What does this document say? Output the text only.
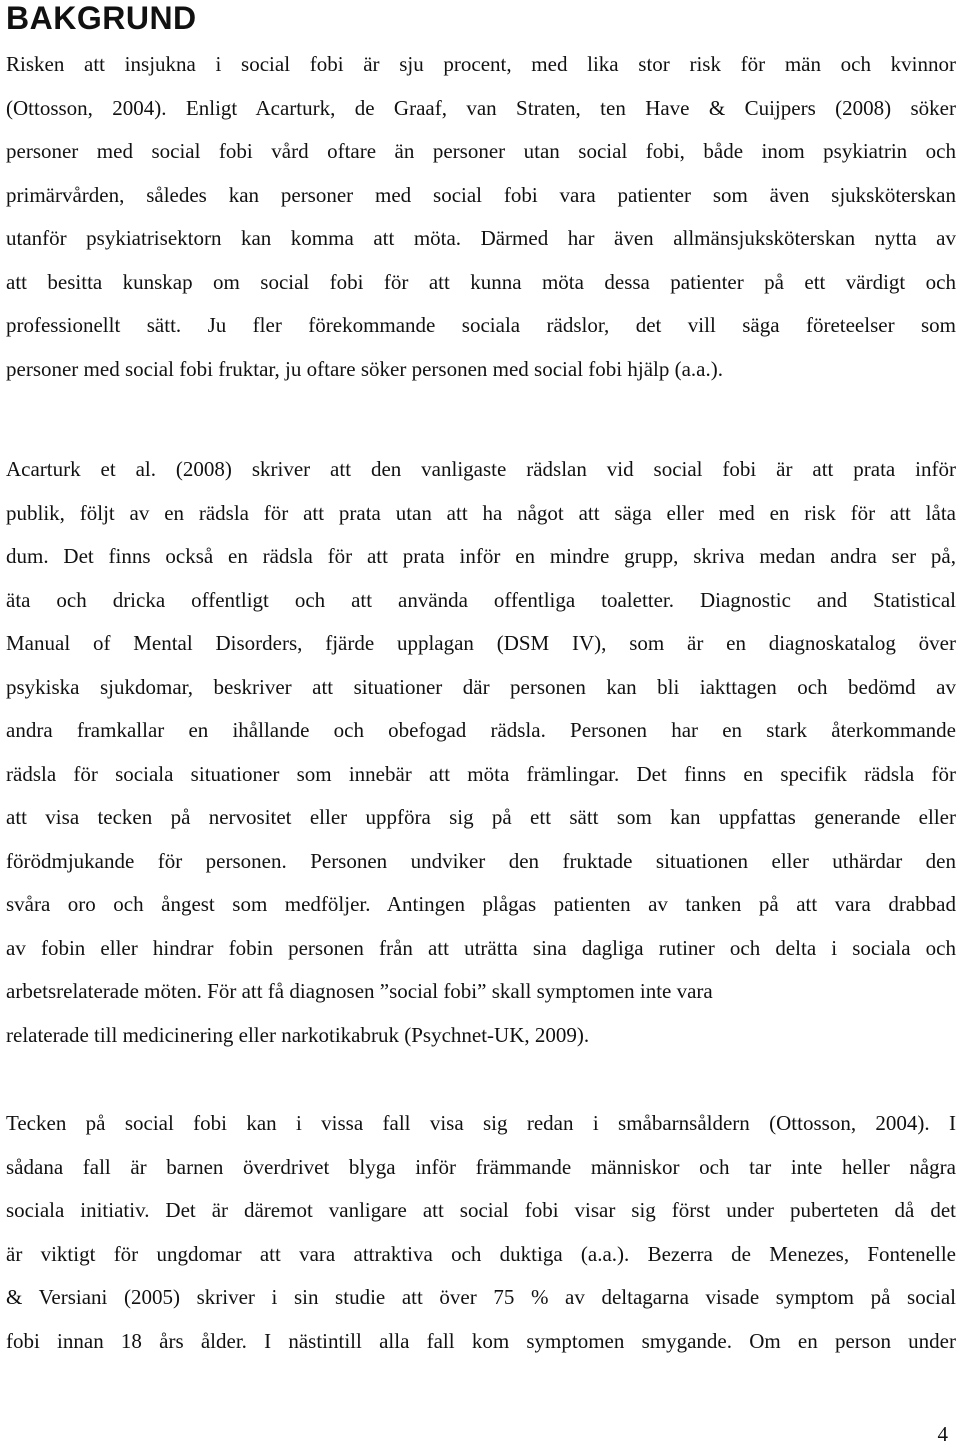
BAKGRUND

Risken att insjukna i social fobi är sju procent, med lika stor risk för män och kvinnor
(Ottosson, 2004). Enligt Acarturk, de Graaf, van Straten, ten Have & Cuijpers (2008) söker
personer med social fobi vård oftare än personer utan social fobi, både inom psykiatrin och
primärvården, således kan personer med social fobi vara patienter som även sjuksköterskan
utanför psykiatrisektorn kan komma att möta. Därmed har även allmänsjuksköterskan nytta av
att besitta kunskap om social fobi för att kunna möta dessa patienter på ett värdigt och
professionellt sätt. Ju fler förekommande sociala rädslor, det vill säga företeelser som
personer med social fobi fruktar, ju oftare söker personen med social fobi hjälp (a.a.).

Acarturk et al. (2008) skriver att den vanligaste rädslan vid social fobi är att prata inför
publik, följt av en rädsla för att prata utan att ha något att säga eller med en risk för att låta
dum. Det finns också en rädsla för att prata inför en mindre grupp, skriva medan andra ser på,
äta och dricka offentligt och att använda offentliga toaletter. Diagnostic and Statistical
Manual of Mental Disorders, fjärde upplagan (DSM IV), som är en diagnoskatalog över
psykiska sjukdomar, beskriver att situationer där personen kan bli iakttagen och bedömd av
andra framkallar en ihållande och obefogad rädsla. Personen har en stark återkommande
rädsla för sociala situationer som innebär att möta främlingar. Det finns en specifik rädsla för
att visa tecken på nervositet eller uppföra sig på ett sätt som kan uppfattas generande eller
förödmjukande för personen. Personen undviker den fruktade situationen eller uthärdar den
svåra oro och ångest som medföljer. Antingen plågas patienten av tanken på att vara drabbad
av fobin eller hindrar fobin personen från att uträtta sina dagliga rutiner och delta i sociala och
arbetsrelaterade möten. För att få diagnosen ”social fobi” skall symptomen inte vara
relaterade till medicinering eller narkotikabruk (Psychnet-UK, 2009).

Tecken på social fobi kan i vissa fall visa sig redan i småbarnsåldern (Ottosson, 2004). I
sådana fall är barnen överdrivet blyga inför främmande människor och tar inte heller några
sociala initiativ. Det är däremot vanligare att social fobi visar sig först under puberteten då det
är viktigt för ungdomar att vara attraktiva och duktiga (a.a.). Bezerra de Menezes, Fontenelle
& Versiani (2005) skriver i sin studie att över 75 % av deltagarna visade symptom på social
fobi innan 18 års ålder. I nästintill alla fall kom symptomen smygande. Om en person under

4
